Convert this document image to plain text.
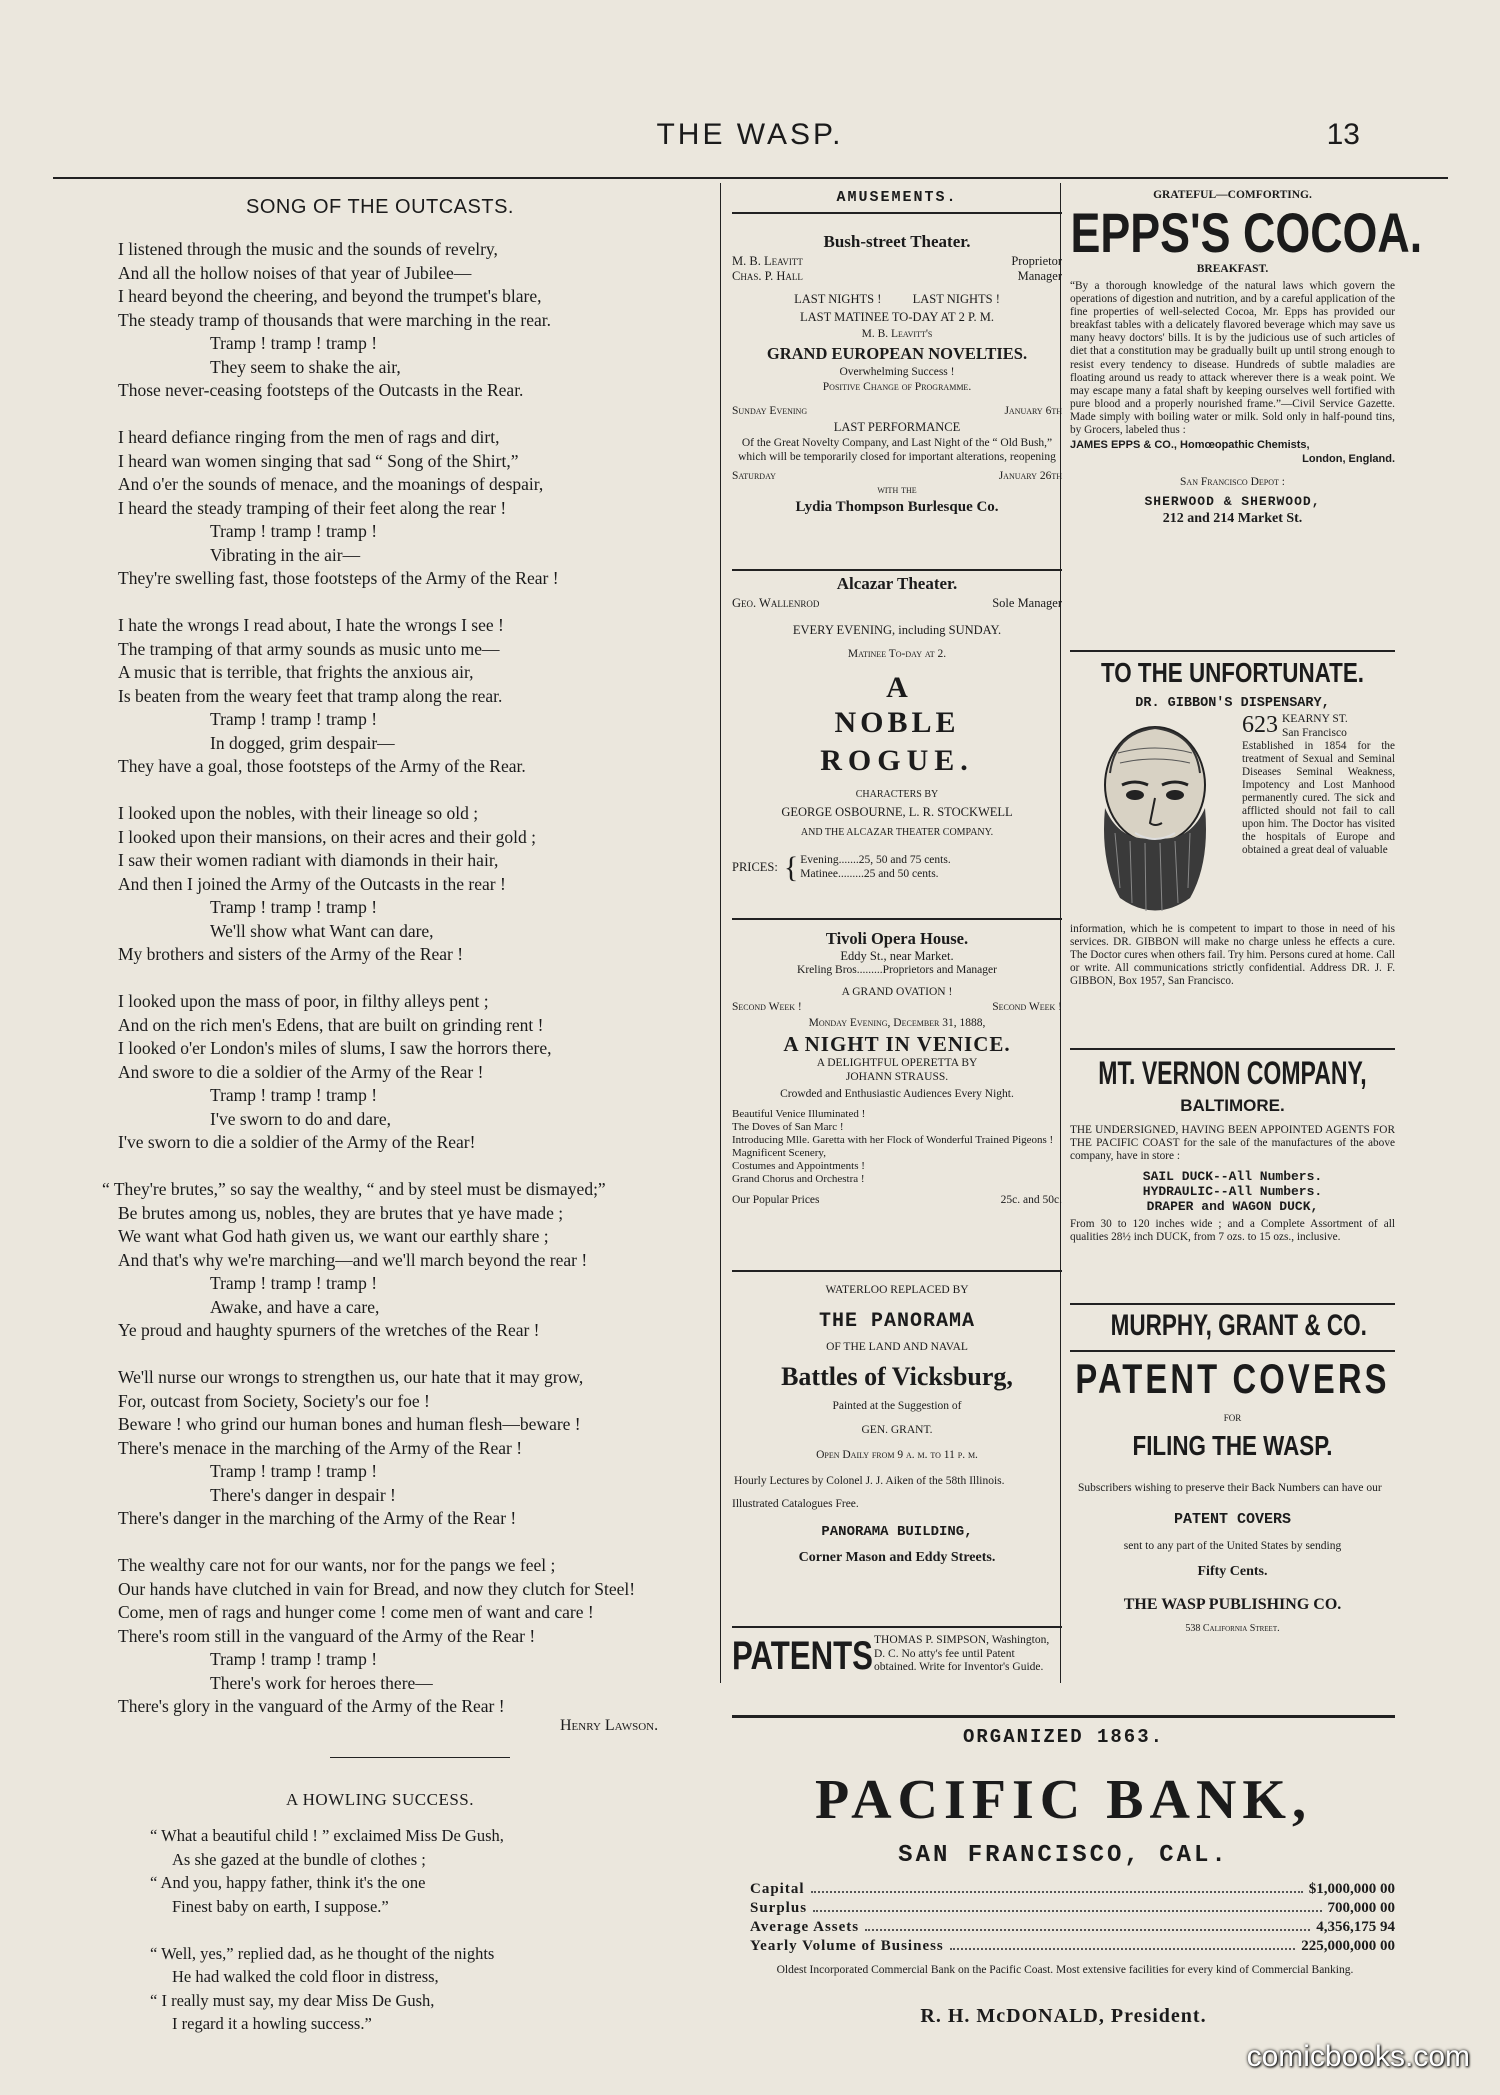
THE WASP.	13
SONG OF THE OUTCASTS.
I listened through the music and the sounds of revelry,
And all the hollow noises of that year of Jubilee—
I heard beyond the cheering, and beyond the trumpet's blare,
The steady tramp of thousands that were marching in the rear.
Tramp ! tramp ! tramp !
They seem to shake the air,
Those never-ceasing footsteps of the Outcasts in the Rear.
I heard defiance ringing from the men of rags and dirt,
I heard wan women singing that sad “ Song of the Shirt,”
And o'er the sounds of menace, and the moanings of despair,
I heard the steady tramping of their feet along the rear !
Tramp ! tramp ! tramp !
Vibrating in the air—
They're swelling fast, those footsteps of the Army of the Rear !
I hate the wrongs I read about, I hate the wrongs I see !
The tramping of that army sounds as music unto me—
A music that is terrible, that frights the anxious air,
Is beaten from the weary feet that tramp along the rear.
Tramp ! tramp ! tramp !
In dogged, grim despair—
They have a goal, those footsteps of the Army of the Rear.
I looked upon the nobles, with their lineage so old ;
I looked upon their mansions, on their acres and their gold ;
I saw their women radiant with diamonds in their hair,
And then I joined the Army of the Outcasts in the rear !
Tramp ! tramp ! tramp !
We'll show what Want can dare,
My brothers and sisters of the Army of the Rear !
I looked upon the mass of poor, in filthy alleys pent ;
And on the rich men's Edens, that are built on grinding rent !
I looked o'er London's miles of slums, I saw the horrors there,
And swore to die a soldier of the Army of the Rear !
Tramp ! tramp ! tramp !
I've sworn to do and dare,
I've sworn to die a soldier of the Army of the Rear!
“ They're brutes,” so say the wealthy, “ and by steel must be dismayed;”
Be brutes among us, nobles, they are brutes that ye have made ;
We want what God hath given us, we want our earthly share ;
And that's why we're marching—and we'll march beyond the rear !
Tramp ! tramp ! tramp !
Awake, and have a care,
Ye proud and haughty spurners of the wretches of the Rear !
We'll nurse our wrongs to strengthen us, our hate that it may grow,
For, outcast from Society, Society's our foe !
Beware ! who grind our human bones and human flesh—beware !
There's menace in the marching of the Army of the Rear !
Tramp ! tramp ! tramp !
There's danger in despair !
There's danger in the marching of the Army of the Rear !
The wealthy care not for our wants, nor for the pangs we feel ;
Our hands have clutched in vain for Bread, and now they clutch for Steel!
Come, men of rags and hunger come ! come men of want and care !
There's room still in the vanguard of the Army of the Rear !
Tramp ! tramp ! tramp !
There's work for heroes there—
There's glory in the vanguard of the Army of the Rear !
Henry Lawson.
A HOWLING SUCCESS.
“ What a beautiful child ! ” exclaimed Miss De Gush,
As she gazed at the bundle of clothes ;
“ And you, happy father, think it's the one
Finest baby on earth, I suppose.”
“ Well, yes,” replied dad, as he thought of the nights
He had walked the cold floor in distress,
“ I really must say, my dear Miss De Gush,
I regard it a howling success.”
AMUSEMENTS.
Bush-street Theater.
M. B. Leavitt	Proprietor
Chas. P. Hall	Manager
LAST NIGHTS !          LAST NIGHTS !
LAST MATINEE TO-DAY AT 2 P. M.
M. B. Leavitt's
GRAND EUROPEAN NOVELTIES.
Overwhelming Success !
Positive Change of Programme.
Sunday Evening	January 6th
LAST PERFORMANCE
Of the Great Novelty Company, and Last Night of the “ Old Bush,” which will be temporarily closed for important alterations, reopening
Saturday	January 26th
with the
Lydia Thompson Burlesque Co.
Alcazar Theater.
Geo. Wallenrod	Sole Manager
EVERY EVENING, including SUNDAY.
Matinee To-day at 2.
A
NOBLE
ROGUE.
CHARACTERS BY
GEORGE OSBOURNE, L. R. STOCKWELL
AND THE ALCAZAR THEATER COMPANY.
PRICES: { Evening.......25, 50 and 75 cents.
Matinee.........25 and 50 cents.
Tivoli Opera House.
Eddy St., near Market.
Kreling Bros.........Proprietors and Manager
A GRAND OVATION !
Second Week !	Second Week !
Monday Evening, December 31, 1888,
A NIGHT IN VENICE.
A DELIGHTFUL OPERETTA BY
JOHANN STRAUSS.
Crowded and Enthusiastic Audiences Every Night.
Beautiful Venice Illuminated !
The Doves of San Marc !
Introducing Mlle. Garetta with her Flock of Wonderful Trained Pigeons !
Magnificent Scenery,
Costumes and Appointments !
Grand Chorus and Orchestra !
Our Popular Prices	25c. and 50c.
WATERLOO REPLACED BY
THE PANORAMA
OF THE LAND AND NAVAL
Battles of Vicksburg,
Painted at the Suggestion of
GEN. GRANT.
Open Daily from 9 a. m. to 11 p. m.
Hourly Lectures by Colonel J. J. Aiken of the 58th Illinois.
Illustrated Catalogues Free.
PANORAMA BUILDING,
Corner Mason and Eddy Streets.
PATENTS THOMAS P. SIMPSON, Washington, D. C. No atty's fee until Patent obtained. Write for Inventor's Guide.
GRATEFUL—COMFORTING.
EPPS'S COCOA.
BREAKFAST.
“By a thorough knowledge of the natural laws which govern the operations of digestion and nutrition, and by a careful application of the fine properties of well-selected Cocoa, Mr. Epps has provided our breakfast tables with a delicately flavored beverage which may save us many heavy doctors' bills. It is by the judicious use of such articles of diet that a constitution may be gradually built up until strong enough to resist every tendency to disease. Hundreds of subtle maladies are floating around us ready to attack wherever there is a weak point. We may escape many a fatal shaft by keeping ourselves well fortified with pure blood and a properly nourished frame.”—Civil Service Gazette. Made simply with boiling water or milk. Sold only in half-pound tins, by Grocers, labeled thus :
JAMES EPPS & CO., Homœopathic Chemists,
London, England.
San Francisco Depot :
SHERWOOD & SHERWOOD,
212 and 214 Market St.
TO THE UNFORTUNATE.
DR. GIBBON'S DISPENSARY,
623 KEARNY ST.
San Francisco
Established in 1854 for the treatment of Sexual and Seminal Diseases Seminal Weakness, Impotency and Lost Manhood permanently cured. The sick and afflicted should not fail to call upon him. The Doctor has visited the hospitals of Europe and obtained a great deal of valuable
information, which he is competent to impart to those in need of his services. DR. GIBBON will make no charge unless he effects a cure. The Doctor cures when others fail. Try him. Persons cured at home. Call or write. All communications strictly confidential. Address DR. J. F. GIBBON, Box 1957, San Francisco.
MT. VERNON COMPANY,
BALTIMORE.
THE UNDERSIGNED, HAVING BEEN APPOINTED AGENTS FOR THE PACIFIC COAST for the sale of the manufactures of the above company, have in store :
SAIL DUCK--All Numbers.
HYDRAULIC--All Numbers.
DRAPER and WAGON DUCK,
From 30 to 120 inches wide ; and a Complete Assortment of all qualities 28½ inch DUCK, from 7 ozs. to 15 ozs., inclusive.
MURPHY, GRANT & CO.
PATENT COVERS
FOR
FILING THE WASP.
Subscribers wishing to preserve their Back Numbers can have our
PATENT COVERS
sent to any part of the United States by sending
Fifty Cents.
THE WASP PUBLISHING CO.
538 California Street.
ORGANIZED 1863.
PACIFIC BANK,
SAN FRANCISCO, CAL.
Capital	$1,000,000 00
Surplus	700,000 00
Average Assets	4,356,175 94
Yearly Volume of Business	225,000,000 00
Oldest Incorporated Commercial Bank on the Pacific Coast. Most extensive facilities for every kind of Commercial Banking.
R. H. McDONALD, President.
comicbooks.com
